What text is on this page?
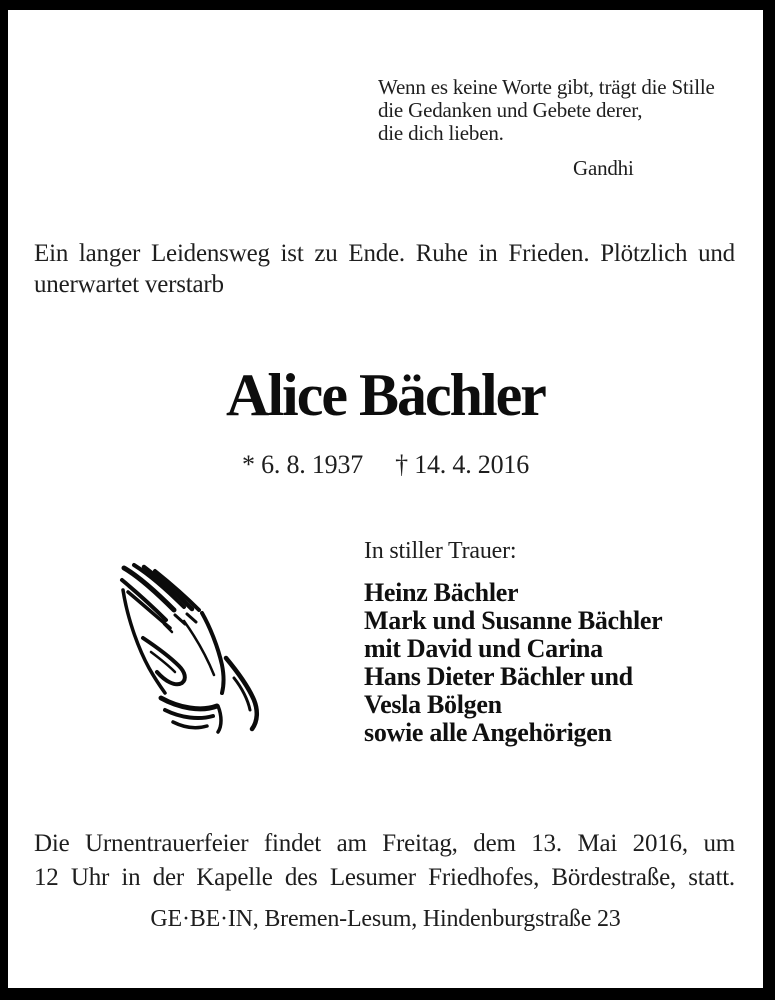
Wenn es keine Worte gibt, trägt die Stille
die Gedanken und Gebete derer,
die dich lieben.
Gandhi
Ein langer Leidensweg ist zu Ende. Ruhe in Frieden. Plötzlich und
unerwartet verstarb
Alice Bächler
* 6. 8. 1937 † 14. 4. 2016
In stiller Trauer:
Heinz Bächler
Mark und Susanne Bächler
mit David und Carina
Hans Dieter Bächler und
Vesla Bölgen
sowie alle Angehörigen
Die Urnentrauerfeier findet am Freitag, dem 13. Mai 2016, um
12 Uhr in der Kapelle des Lesumer Friedhofes, Bördestraße, statt.
GE·BE·IN, Bremen-Lesum, Hindenburgstraße 23
